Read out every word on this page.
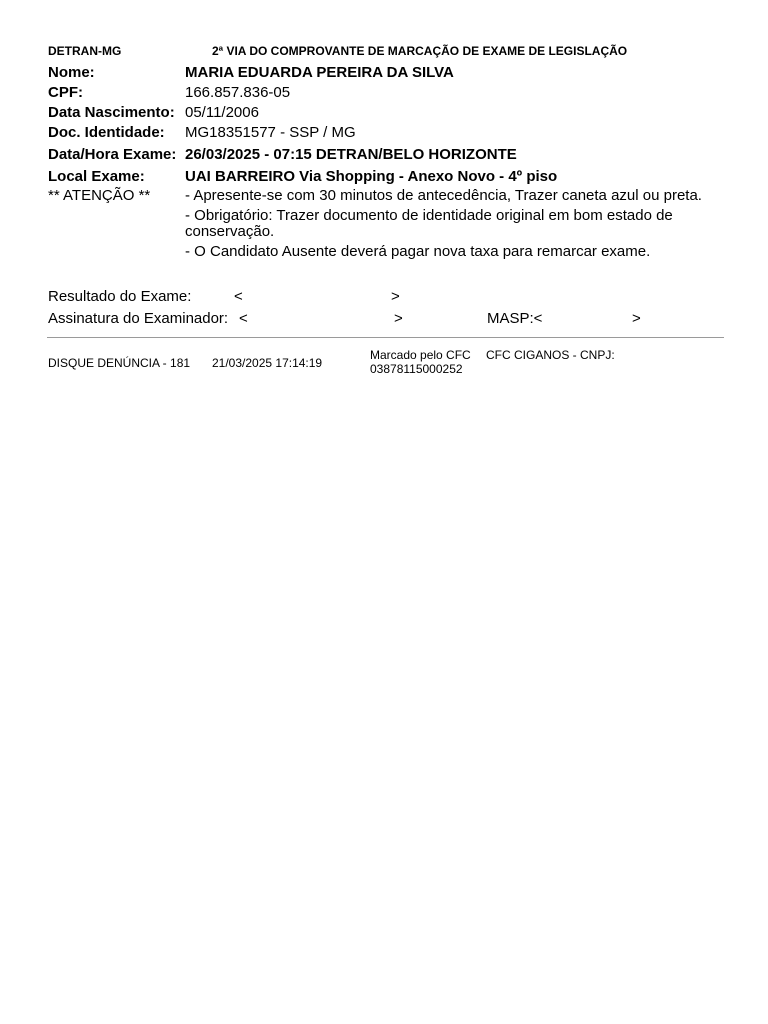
DETRAN-MG	2ª VIA DO COMPROVANTE DE MARCAÇÃO DE EXAME DE LEGISLAÇÃO
Nome:	MARIA EDUARDA PEREIRA DA SILVA
CPF:	166.857.836-05
Data Nascimento: 05/11/2006
Doc. Identidade: MG18351577 - SSP / MG
Data/Hora Exame: 26/03/2025 - 07:15 DETRAN/BELO HORIZONTE
Local Exame:	UAI BARREIRO Via Shopping - Anexo Novo - 4º piso
** ATENÇÃO ** - Apresente-se com 30 minutos de antecedência, Trazer caneta azul ou preta.
- Obrigatório: Trazer documento de identidade original em bom estado de conservação.
- O Candidato Ausente deverá pagar nova taxa para remarcar exame.
Resultado do Exame:	<	>
Assinatura do Examinador: <	>	MASP:<	>
DISQUE DENÚNCIA - 181 21/03/2025 17:14:19
Marcado pelo CFC CFC CIGANOS - CNPJ:
03878115000252
